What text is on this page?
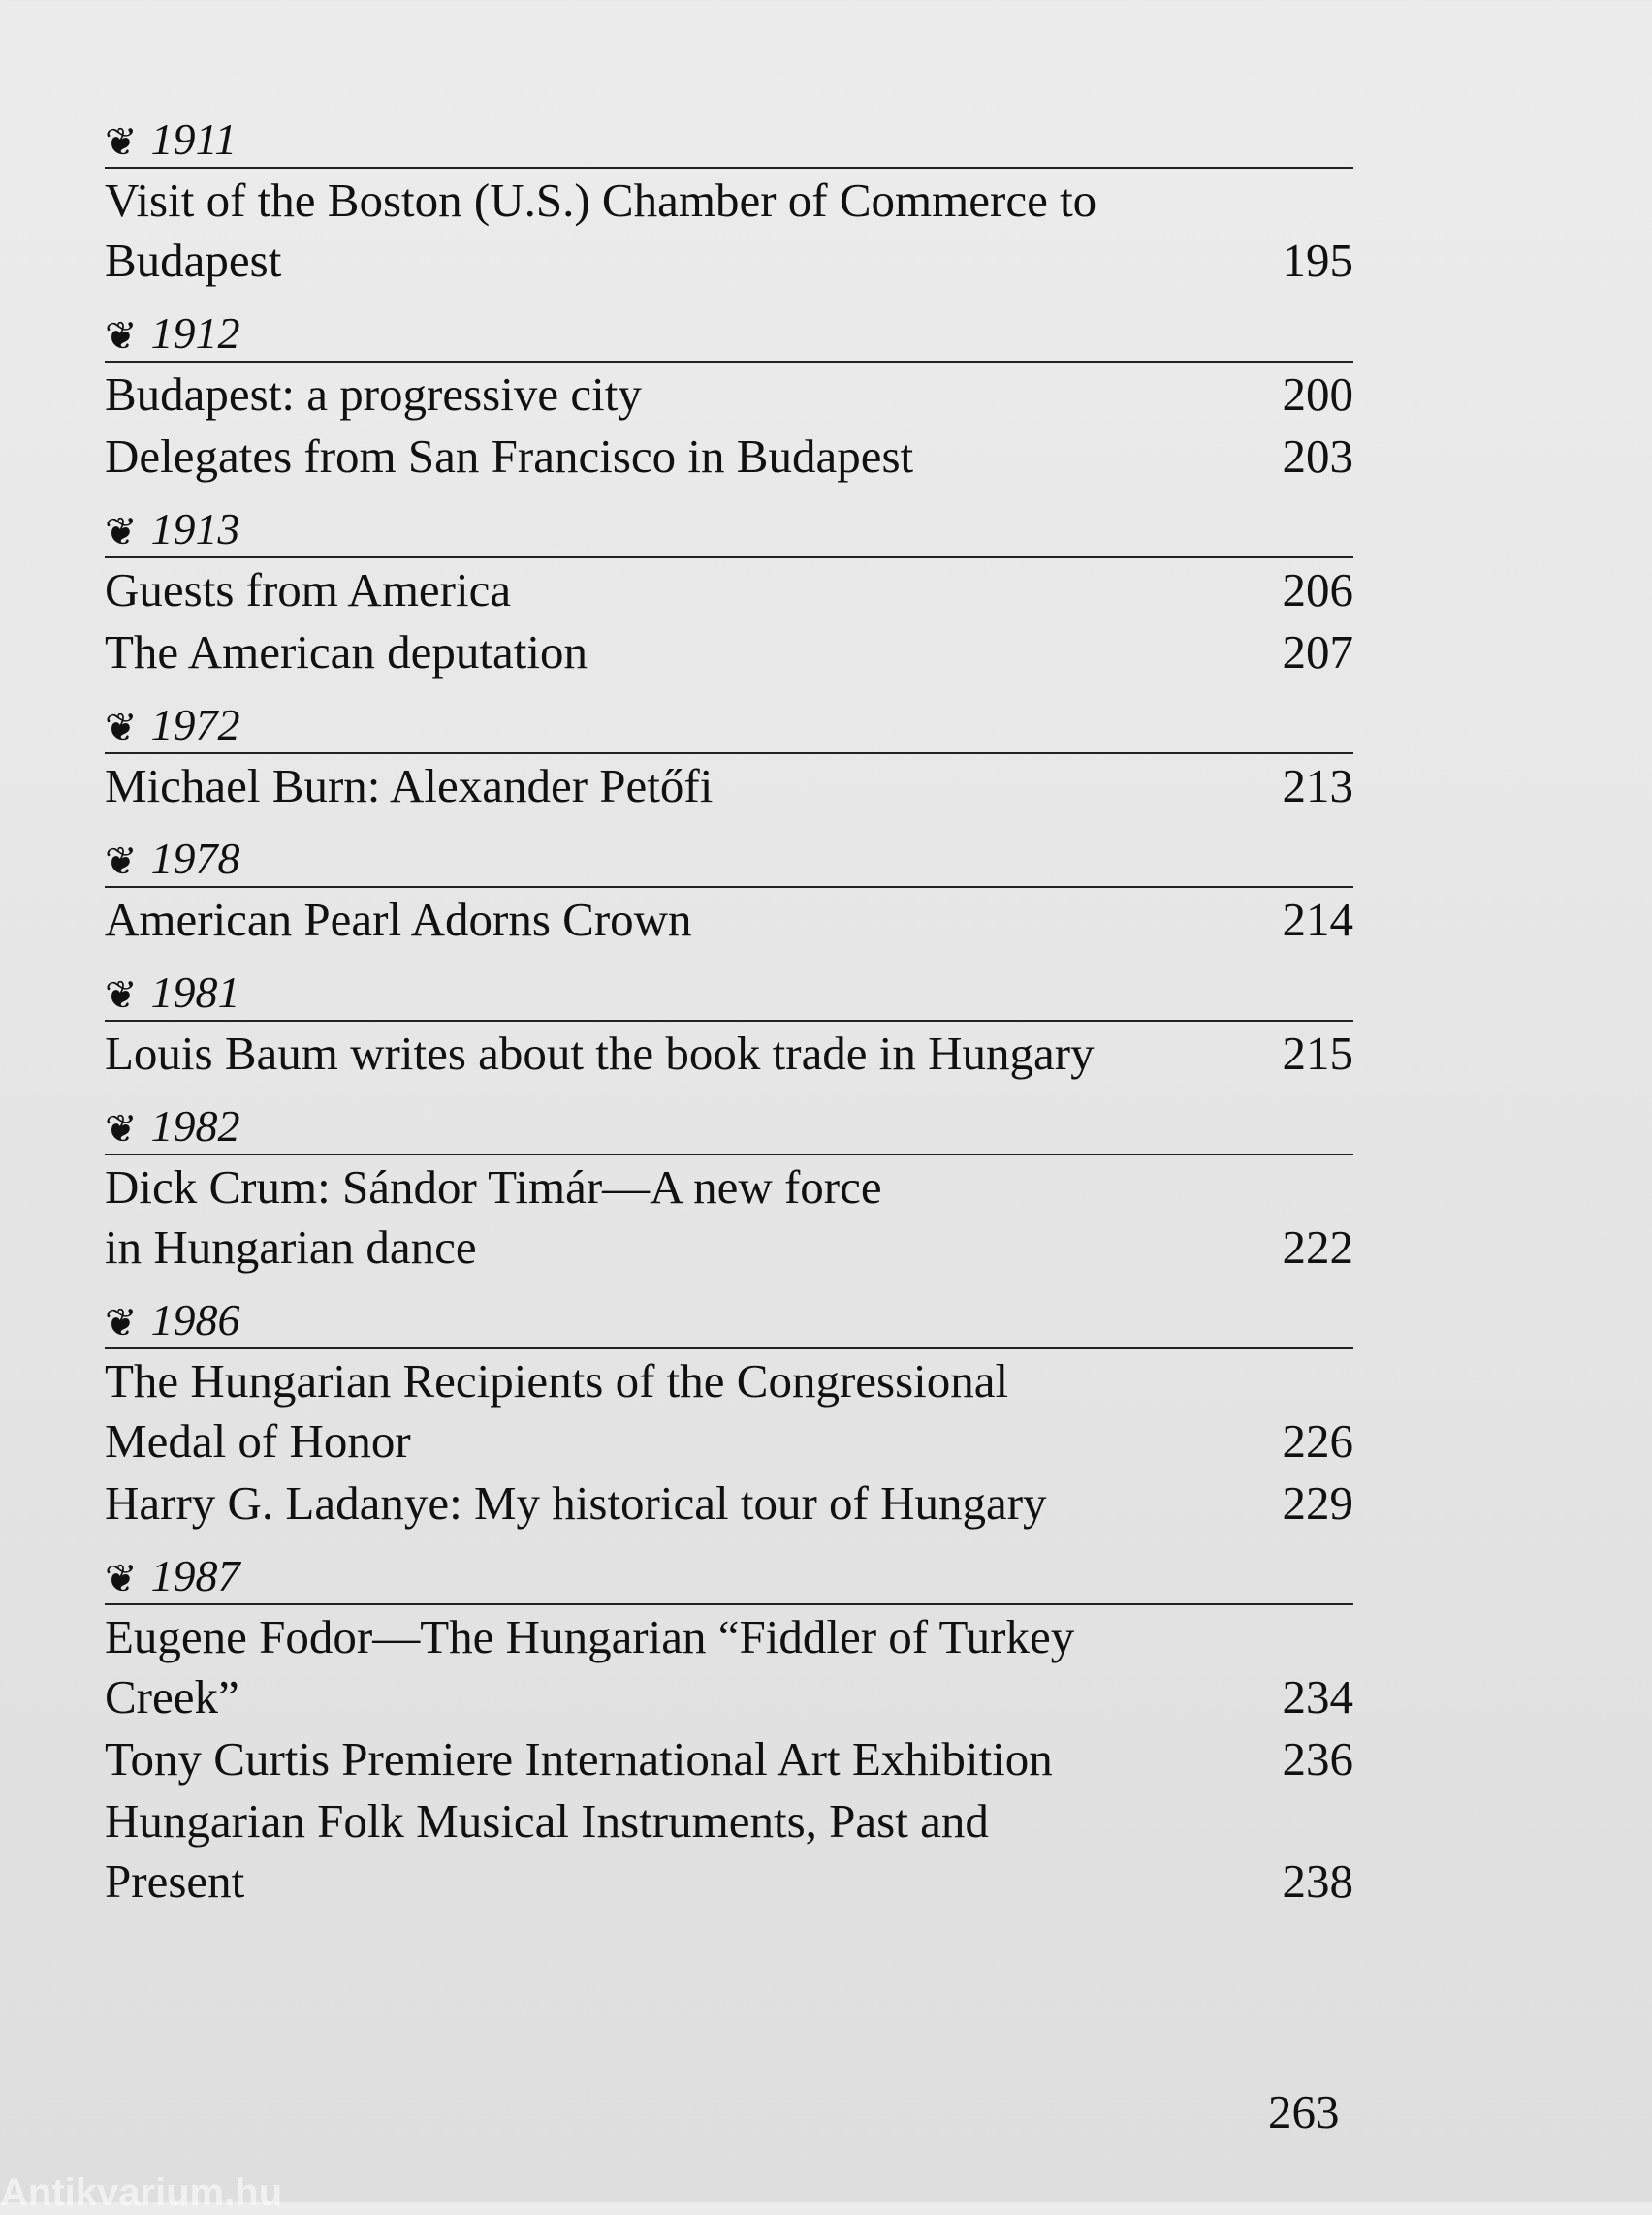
❦ 1911
Visit of the Boston (U.S.) Chamber of Commerce to
Budapest	195
❦ 1912
Budapest: a progressive city	200
Delegates from San Francisco in Budapest	203
❦ 1913
Guests from America	206
The American deputation	207
❦ 1972
Michael Burn: Alexander Petőfi	213
❦ 1978
American Pearl Adorns Crown	214
❦ 1981
Louis Baum writes about the book trade in Hungary	215
❦ 1982
Dick Crum: Sándor Timár—A new force
in Hungarian dance	222
❦ 1986
The Hungarian Recipients of the Congressional
Medal of Honor	226
Harry G. Ladanye: My historical tour of Hungary	229
❦ 1987
Eugene Fodor—The Hungarian “Fiddler of Turkey
Creek”	234
Tony Curtis Premiere International Art Exhibition	236
Hungarian Folk Musical Instruments, Past and
Present	238
263
Antikvarium.hu
